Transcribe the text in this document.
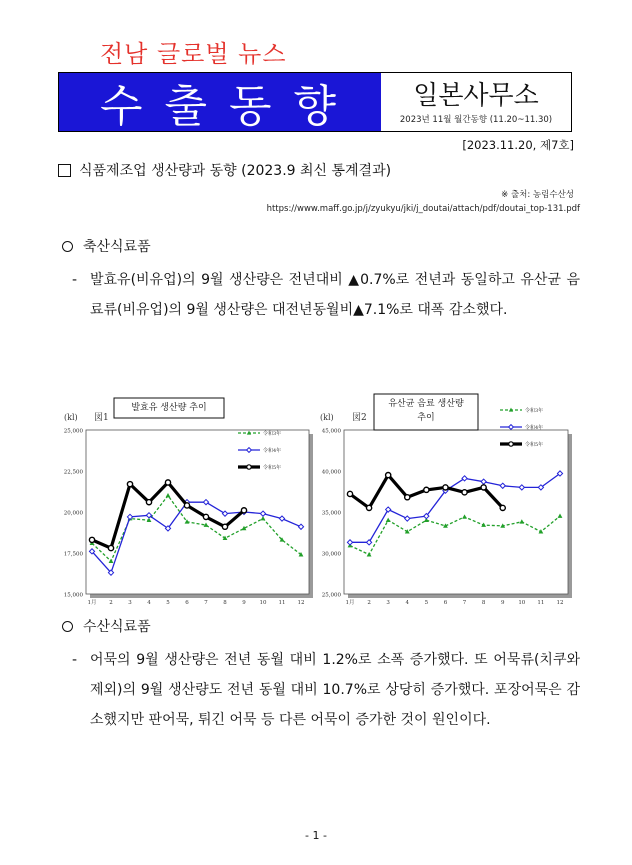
전남 글로벌 뉴스
수출동향	일본사무소
2023년 11월 월간동향 (11.20~11.30)
[2023.11.20, 제7호]
식품제조업 생산량과 동향 (2023.9 최신 통계결과)
※ 출처: 농림수산성
https://www.maff.go.jp/j/zyukyu/jki/j_doutai/attach/pdf/doutai_top-131.pdf
축산식료품
- 발효유(비유업)의 9월 생산량은 전년대비 ▲0.7%로 전년과 동일하고 유산균 음료류(비유업)의 9월 생산량은 대전년동월비▲7.1%로 대폭 감소했다.
25,000
22,500
20,000
17,500
15,000
1月 2	3	4	5	6	7	8	9	10 11 12
(kl) 図1
발효유 생산량 추이
令和3年
令和4年
令和5年
45,000
40,000
35,000
30,000
25,000
1月 2	3	4	5	6	7	8	9	10 11 12
(kl) 図2
유산균 음료 생산량
추이
令和3年
令和4年
令和5年
수산식료품
- 어묵의 9월 생산량은 전년 동월 대비 1.2%로 소폭 증가했다. 또 어묵류(치쿠와 제외)의 9월 생산량도 전년 동월 대비 10.7%로 상당히 증가했다. 포장어묵은 감소했지만 판어묵, 튀긴 어묵 등 다른 어묵이 증가한 것이 원인이다.
- 1 -
